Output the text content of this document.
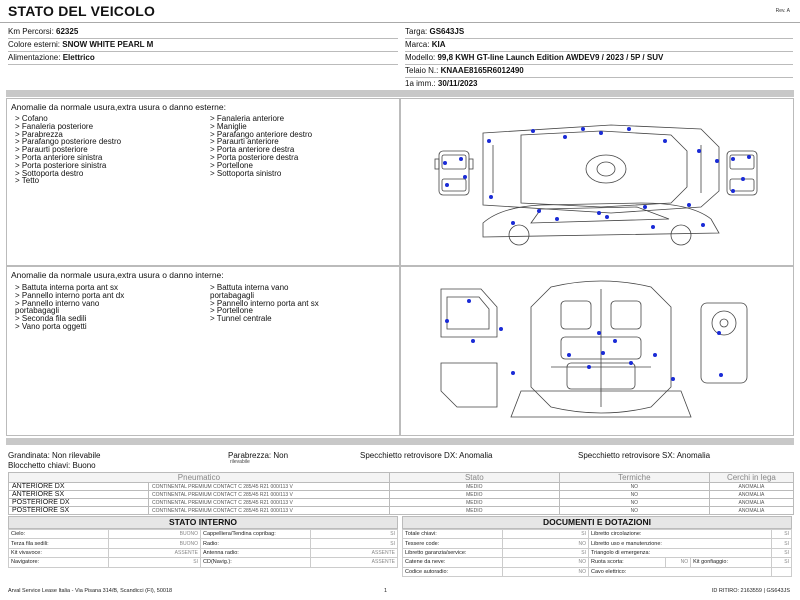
STATO DEL VEICOLO	Rev. A
Km Percorsi: 62325
Colore esterni: SNOW WHITE PEARL M
Alimentazione: Elettrico
Targa: GS643JS
Marca: KIA
Modello: 99,8 KWH GT-line Launch Edition AWDEV9 / 2023 / 5P / SUV
Telaio N.: KNAAE8165R6012490
1a imm.: 30/11/2023
Anomalie da normale usura,extra usura o danno esterne:
> Cofano
> Fanaleria posteriore
> Parabrezza
> Parafango posteriore destro
> Paraurti posteriore
> Porta anteriore sinistra
> Porta posteriore sinistra
> Sottoporta destro
> Tetto
> Fanaleria anteriore
> Maniglie
> Parafango anteriore destro
> Paraurti anteriore
> Porta anteriore destra
> Porta posteriore destra
> Portellone
> Sottoporta sinistro
Anomalie da normale usura,extra usura o danno interne:
> Battuta interna porta ant sx
> Pannello interno porta ant dx
> Pannello interno vano
portabagagli
> Seconda fila sedili
> Vano porta oggetti
> Battuta interna vano
portabagagli
> Pannello interno porta ant sx
> Portellone
> Tunnel centrale
Grandinata: Non rilevabile	Parabrezza: Non
rilevabile
Specchietto retrovisore DX: Anomalia	Specchietto retrovisore SX: Anomalia
Blocchetto chiavi: Buono
Pneumatico		Stato	Termiche	Cerchi in lega
ANTERIORE DX	CONTINENTAL PREMIUM CONTACT C 285/45 R21 000/113 V	MEDIO	NO	ANOMALIA
ANTERIORE SX	CONTINENTAL PREMIUM CONTACT C 285/45 R21 000/113 V	MEDIO	NO	ANOMALIA
POSTERIORE DX	CONTINENTAL PREMIUM CONTACT C 285/45 R21 000/113 V	MEDIO	NO	ANOMALIA
POSTERIORE SX	CONTINENTAL PREMIUM CONTACT C 285/45 R21 000/113 V	MEDIO	NO	ANOMALIA
STATO INTERNO
Cielo:	BUONO	Cappelliera/Tendina copribag:	SI
Terza fila sedili:	BUONO	Radio:	SI
Kit vivavoce:	ASSENTE	Antenna radio:	ASSENTE
Navigatore:	SI	CD(Navig.):	ASSENTE
DOCUMENTI E DOTAZIONI
Totale chiavi:	SI	Libretto circolazione:			SI
Tessere code:	NO	Libretto uso e manutenzione:			SI
Libretto garanzia/service:	SI	Triangolo di emergenza:			SI
Catene da neve:	NO	Ruota scorta:	NO	Kit gonfiaggio:	SI
Codice autoradio:	NO	Cavo elettrico:			
Arval Service Lease Italia - Via Pisana 314/B, Scandicci (FI), 50018	1	ID RITIRO: 2163559 | GS643JS
